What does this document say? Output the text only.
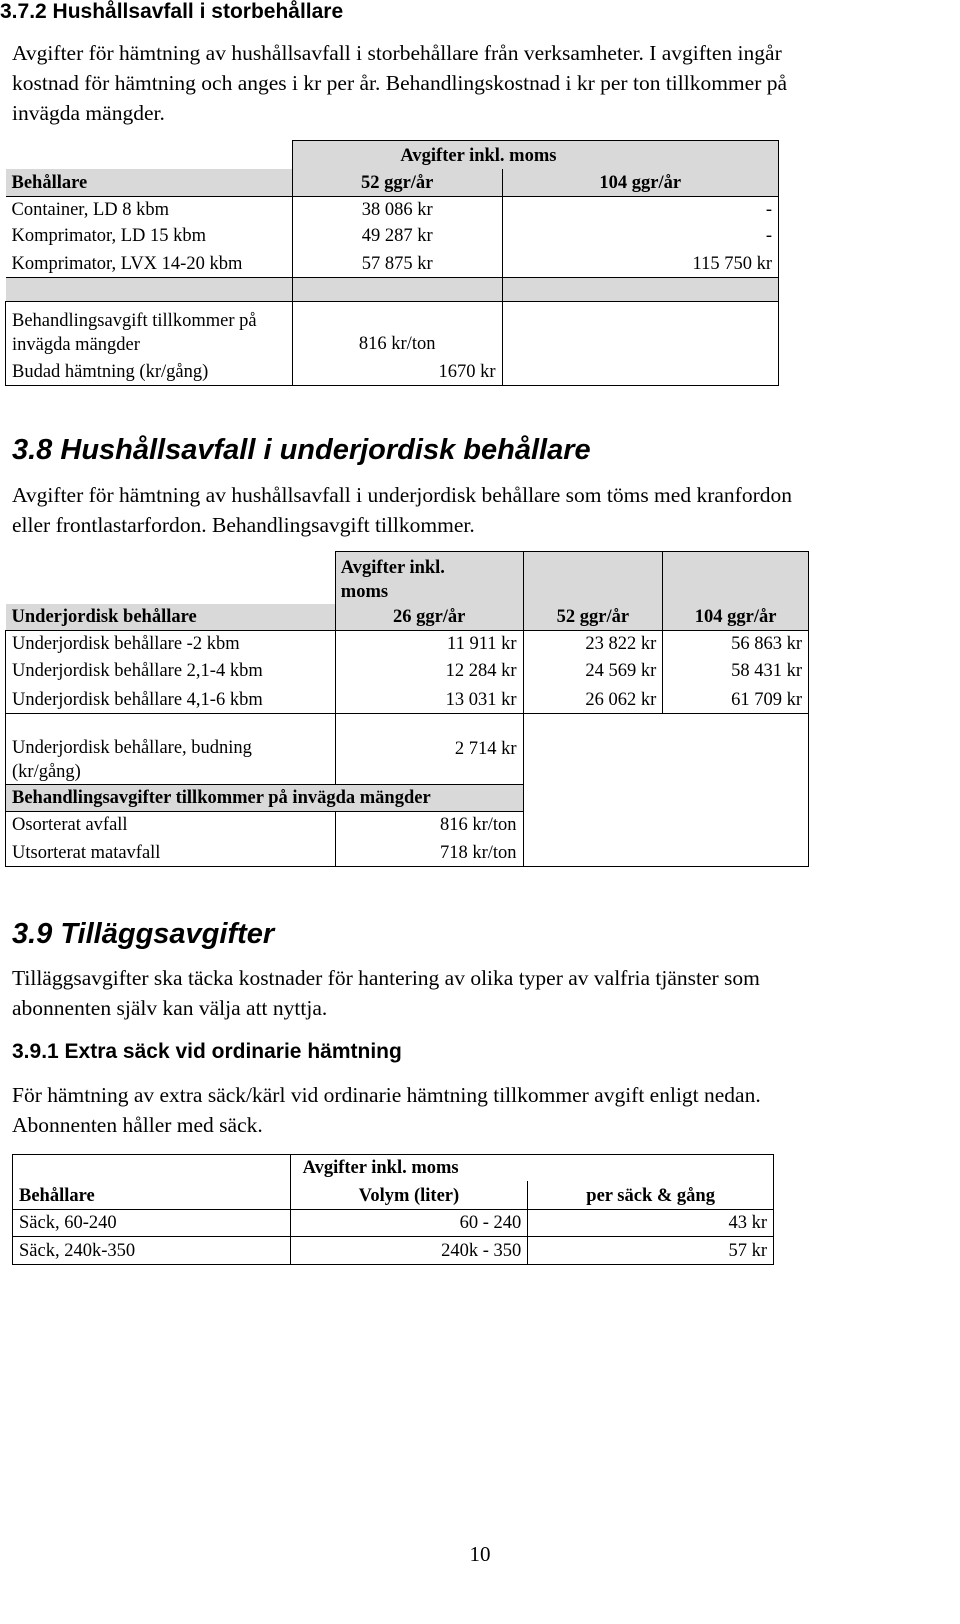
3.7.2 Hushållsavfall i storbehållare
Avgifter för hämtning av hushållsavfall i storbehållare från verksamheter. I avgiften ingår
kostnad för hämtning och anges i kr per år. Behandlingskostnad i kr per ton tillkommer på
invägda mängder.
	Avgifter inkl. moms	
Behållare	52 ggr/år	104 ggr/år
Container, LD 8 kbm	38 086 kr	-
Komprimator, LD 15 kbm	49 287 kr	-
Komprimator, LVX 14-20 kbm	57 875 kr	115 750 kr

Behandlingsavgift tillkommer på
invägda mängder	816 kr/ton	
Budad hämtning (kr/gång)	1670 kr	
3.8 Hushållsavfall i underjordisk behållare
Avgifter för hämtning av hushållsavfall i underjordisk behållare som töms med kranfordon
eller frontlastarfordon. Behandlingsavgift tillkommer.

	Avgifter inkl.
moms		

Underjordisk behållare	26 ggr/år	52 ggr/år	104 ggr/år
Underjordisk behållare -2 kbm	11 911 kr	23 822 kr	56 863 kr
Underjordisk behållare 2,1-4 kbm	12 284 kr	24 569 kr	58 431 kr
Underjordisk behållare 4,1-6 kbm	13 031 kr	26 062 kr	61 709 kr

Underjordisk behållare, budning
(kr/gång)	2 714 kr		
Behandlingsavgifter tillkommer på invägda mängder			
Osorterat avfall	816 kr/ton		
Utsorterat matavfall	718 kr/ton		
3.9 Tilläggsavgifter
Tilläggsavgifter ska täcka kostnader för hantering av olika typer av valfria tjänster som
abonnenten själv kan välja att nyttja.
3.9.1 Extra säck vid ordinarie hämtning
För hämtning av extra säck/kärl vid ordinarie hämtning tillkommer avgift enligt nedan.
Abonnenten håller med säck.
	Avgifter inkl. moms	
Behållare	Volym (liter)	per säck & gång
Säck, 60-240	60 - 240	43 kr
Säck, 240k-350	240k - 350	57 kr
10
